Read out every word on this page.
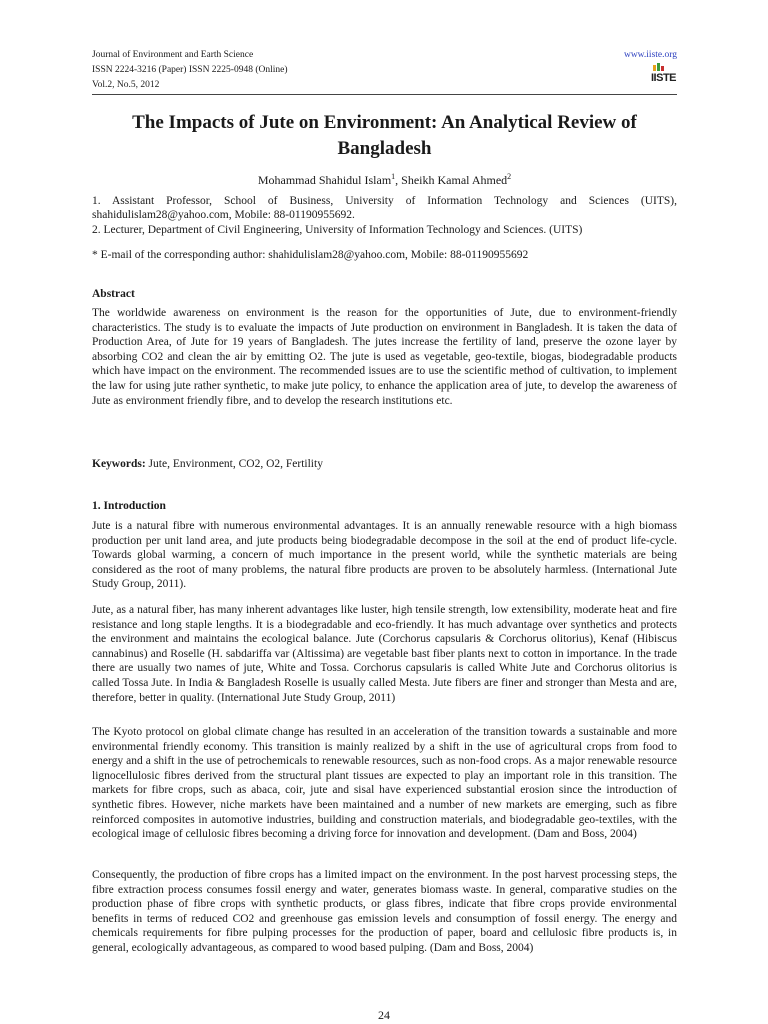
Journal of Environment and Earth Science
ISSN 2224-3216 (Paper) ISSN 2225-0948 (Online)
Vol.2, No.5, 2012
www.iiste.org
IISTE
The Impacts of Jute on Environment: An Analytical Review of Bangladesh
Mohammad Shahidul Islam$^1$, Sheikh Kamal Ahmed$^2$
1. Assistant Professor, School of Business, University of Information Technology and Sciences (UITS), shahidulislam28@yahoo.com, Mobile: 88-01190955692.
2. Lecturer, Department of Civil Engineering, University of Information Technology and Sciences. (UITS)
* E-mail of the corresponding author: shahidulislam28@yahoo.com, Mobile: 88-01190955692
Abstract
The worldwide awareness on environment is the reason for the opportunities of Jute, due to environment-friendly characteristics. The study is to evaluate the impacts of Jute production on environment in Bangladesh. It is taken the data of Production Area, of Jute for 19 years of Bangladesh. The jutes increase the fertility of land, preserve the ozone layer by absorbing CO2 and clean the air by emitting O2. The jute is used as vegetable, geo-textile, biogas, biodegradable products which have impact on the environment. The recommended issues are to use the scientific method of cultivation, to implement the law for using jute rather synthetic, to make jute policy, to enhance the application area of jute, to develop the awareness of Jute as environment friendly fibre, and to develop the research institutions etc.
Keywords: Jute, Environment, CO2, O2, Fertility
1. Introduction
Jute is a natural fibre with numerous environmental advantages. It is an annually renewable resource with a high biomass production per unit land area, and jute products being biodegradable decompose in the soil at the end of product life-cycle. Towards global warming, a concern of much importance in the present world, while the synthetic materials are being considered as the root of many problems, the natural fibre products are proven to be absolutely harmless. (International Jute Study Group, 2011).
Jute, as a natural fiber, has many inherent advantages like luster, high tensile strength, low extensibility, moderate heat and fire resistance and long staple lengths. It is a biodegradable and eco-friendly. It has much advantage over synthetics and protects the environment and maintains the ecological balance. Jute (Corchorus capsularis & Corchorus olitorius), Kenaf (Hibiscus cannabinus) and Roselle (H. sabdariffa var (Altissima) are vegetable bast fiber plants next to cotton in importance. In the trade there are usually two names of jute, White and Tossa. Corchorus capsularis is called White Jute and Corchorus olitorius is called Tossa Jute. In India & Bangladesh Roselle is usually called Mesta. Jute fibers are finer and stronger than Mesta and are, therefore, better in quality. (International Jute Study Group, 2011)
The Kyoto protocol on global climate change has resulted in an acceleration of the transition towards a sustainable and more environmental friendly economy. This transition is mainly realized by a shift in the use of agricultural crops from food to energy and a shift in the use of petrochemicals to renewable resources, such as non-food crops. As a major renewable resource lignocellulosic fibres derived from the structural plant tissues are expected to play an important role in this transition. The markets for fibre crops, such as abaca, coir, jute and sisal have experienced substantial erosion since the introduction of synthetic fibres. However, niche markets have been maintained and a number of new markets are emerging, such as fibre reinforced composites in automotive industries, building and construction materials, and biodegradable geo-textiles, with the ecological image of cellulosic fibres becoming a driving force for innovation and development. (Dam and Boss, 2004)
Consequently, the production of fibre crops has a limited impact on the environment. In the post harvest processing steps, the fibre extraction process consumes fossil energy and water, generates biomass waste. In general, comparative studies on the production phase of fibre crops with synthetic products, or glass fibres, indicate that fibre crops provide environmental benefits in terms of reduced CO2 and greenhouse gas emission levels and consumption of fossil energy. The energy and chemicals requirements for fibre pulping processes for the production of paper, board and cellulosic fibre products is, in general, ecologically advantageous, as compared to wood based pulping. (Dam and Boss, 2004)
24
